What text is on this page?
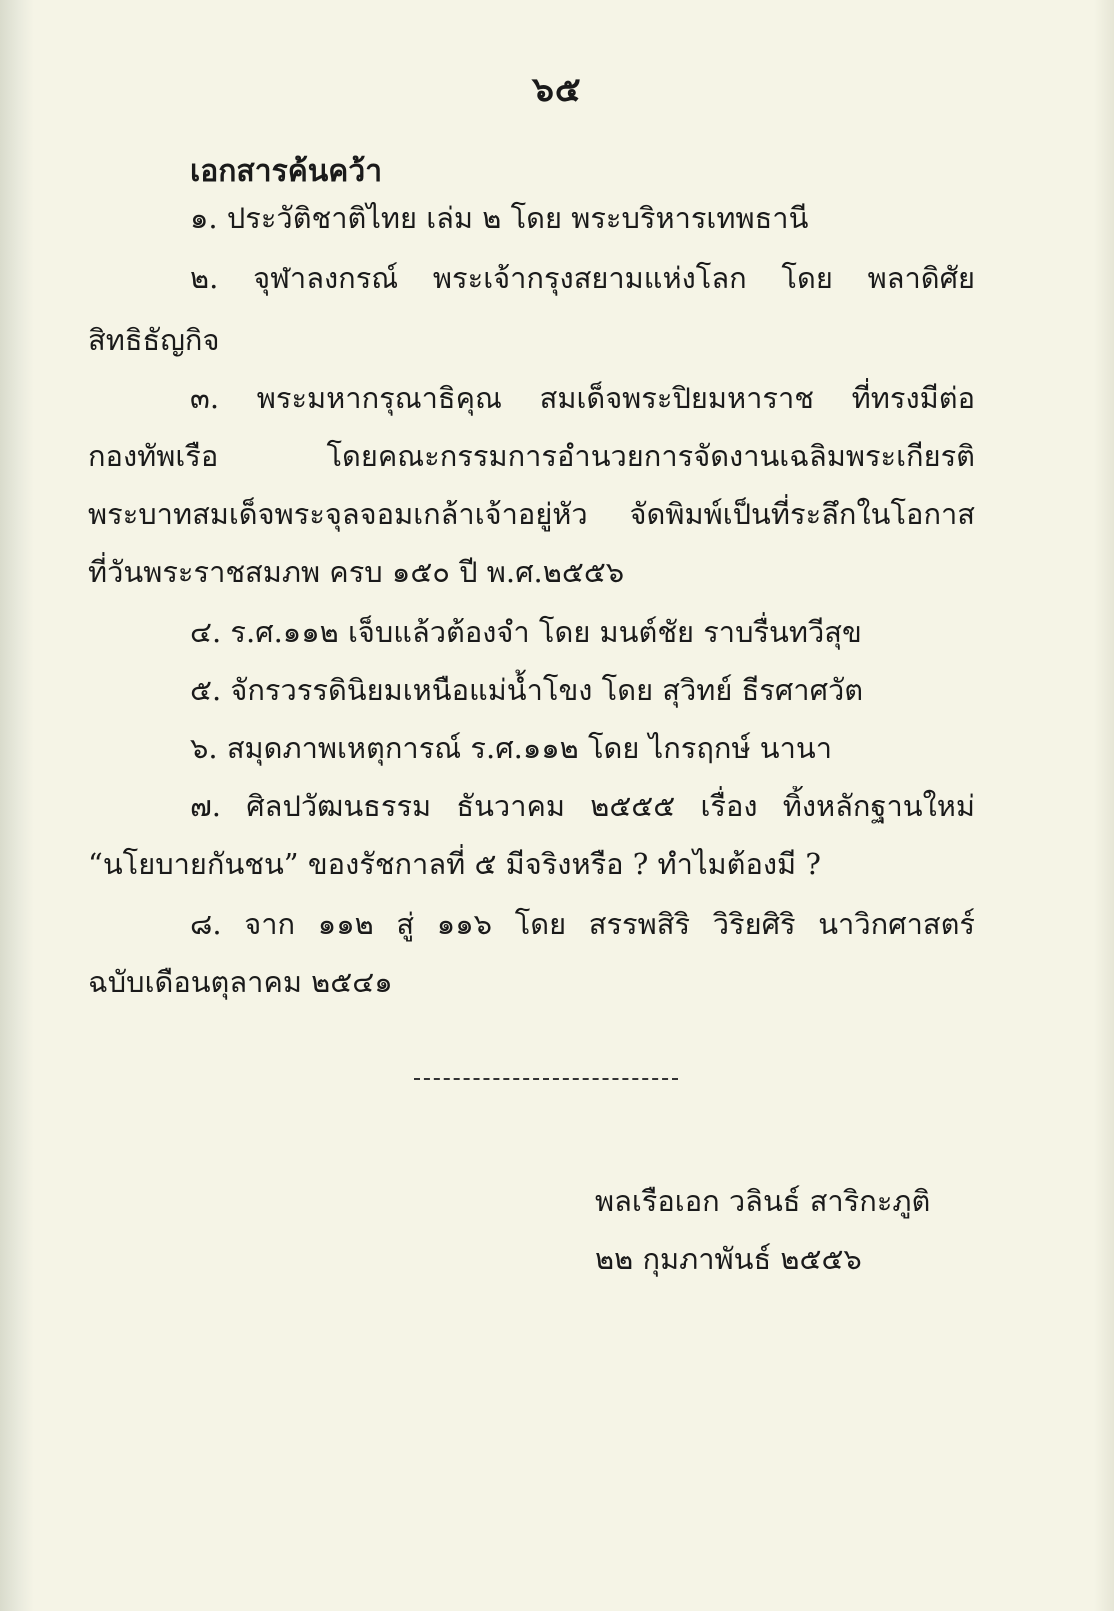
๖๕
เอกสารค้นคว้า
๑. ประวัติชาติไทย เล่ม ๒ โดย พระบริหารเทพธานี
๒. จุฬาลงกรณ์ พระเจ้ากรุงสยามแห่งโลก โดย พลาดิศัย
สิทธิธัญกิจ
๓. พระมหากรุณาธิคุณ สมเด็จพระปิยมหาราช ที่ทรงมีต่อ
กองทัพเรือ โดยคณะกรรมการอำนวยการจัดงานเฉลิมพระเกียรติ
พระบาทสมเด็จพระจุลจอมเกล้าเจ้าอยู่หัว จัดพิมพ์เป็นที่ระลึกในโอกาส
ที่วันพระราชสมภพ ครบ ๑๕๐ ปี พ.ศ.๒๕๕๖
๔. ร.ศ.๑๑๒ เจ็บแล้วต้องจำ โดย มนต์ชัย ราบรื่นทวีสุข
๕. จักรวรรดินิยมเหนือแม่น้ำโขง โดย สุวิทย์ ธีรศาศวัต
๖. สมุดภาพเหตุการณ์ ร.ศ.๑๑๒ โดย ไกรฤกษ์ นานา
๗. ศิลปวัฒนธรรม ธันวาคม ๒๕๕๕ เรื่อง ทิ้งหลักฐานใหม่
“นโยบายกันชน” ของรัชกาลที่ ๕ มีจริงหรือ ? ทำไมต้องมี ?
๘. จาก ๑๑๒ สู่ ๑๑๖ โดย สรรพสิริ วิริยศิริ นาวิกศาสตร์
ฉบับเดือนตุลาคม ๒๕๔๑
พลเรือเอก วลินธ์ สาริกะภูติ
๒๒ กุมภาพันธ์ ๒๕๕๖
